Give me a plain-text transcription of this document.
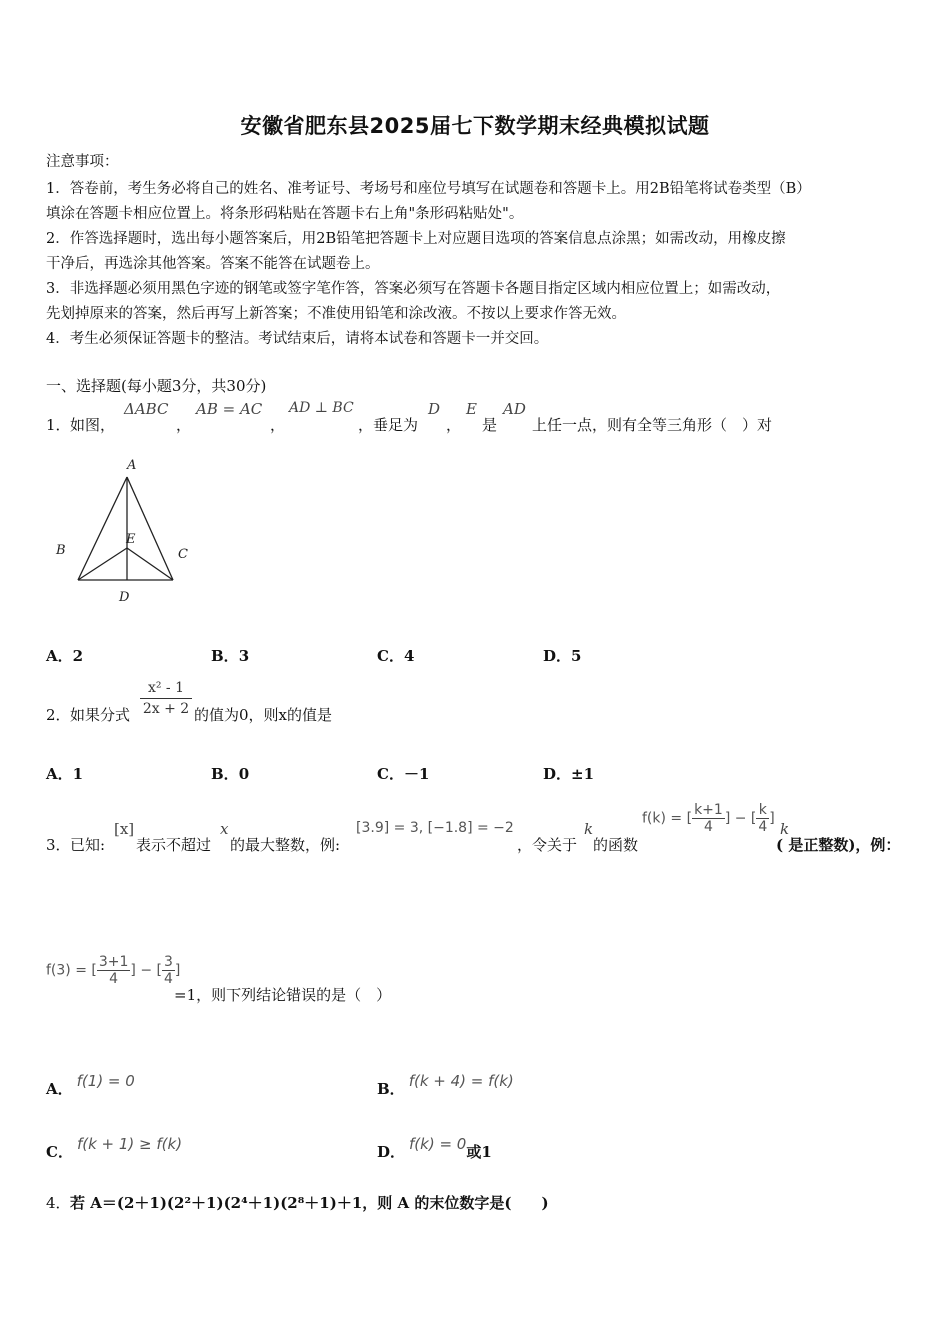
安徽省肥东县2025届七下数学期末经典模拟试题
注意事项：
1．答卷前，考生务必将自己的姓名、准考证号、考场号和座位号填写在试题卷和答题卡上。用2B铅笔将试卷类型（B）
填涂在答题卡相应位置上。将条形码粘贴在答题卡右上角"条形码粘贴处"。
2．作答选择题时，选出每小题答案后，用2B铅笔把答题卡上对应题目选项的答案信息点涂黑；如需改动，用橡皮擦
干净后，再选涂其他答案。答案不能答在试题卷上。
3．非选择题必须用黑色字迹的钢笔或签字笔作答，答案必须写在答题卡各题目指定区域内相应位置上；如需改动，
先划掉原来的答案，然后再写上新答案；不准使用铅笔和涂改液。不按以上要求作答无效。
4．考生必须保证答题卡的整洁。考试结束后，请将本试卷和答题卡一并交回。
一、选择题(每小题3分，共30分)
1． 如图，
ΔABC
，
AB = AC
，
AD ⊥ BC
，垂足为
D
，
E
是
AD
上任一点，则有全等三角形（　）对
A
B	C
D
E
A．2	B．3	C．4	D．5
2． 如果分式 $\frac{\text{x² - 1}}{2x + 2}$ 的值为0，则x的值是
A．1	B．0	C．－1	D．±1
3． 已知:
[x]
表示不超过
x
的最大整数，例:
[3.9] = 3, [−1.8] = −2
，令关于
k
的函数
f(k) = [ $\frac{k+1}{4}$ ] − [ $\frac{k}{4}$ ]
k
( 是正整数)，例：
f(3) = [ $\frac{3+1}{4}$ ] − [ $\frac{3}{4}$ ]
=1，则下列结论错误的是（　）
A． f(1) = 0	B． f(k + 4) = f(k)
C． f(k + 1) ≥ f(k)	D． f(k) = 0或1
4． 若 A＝(2＋1)(2²＋1)(2⁴＋1)(2⁸＋1)＋1，则 A 的末位数字是(　　)
